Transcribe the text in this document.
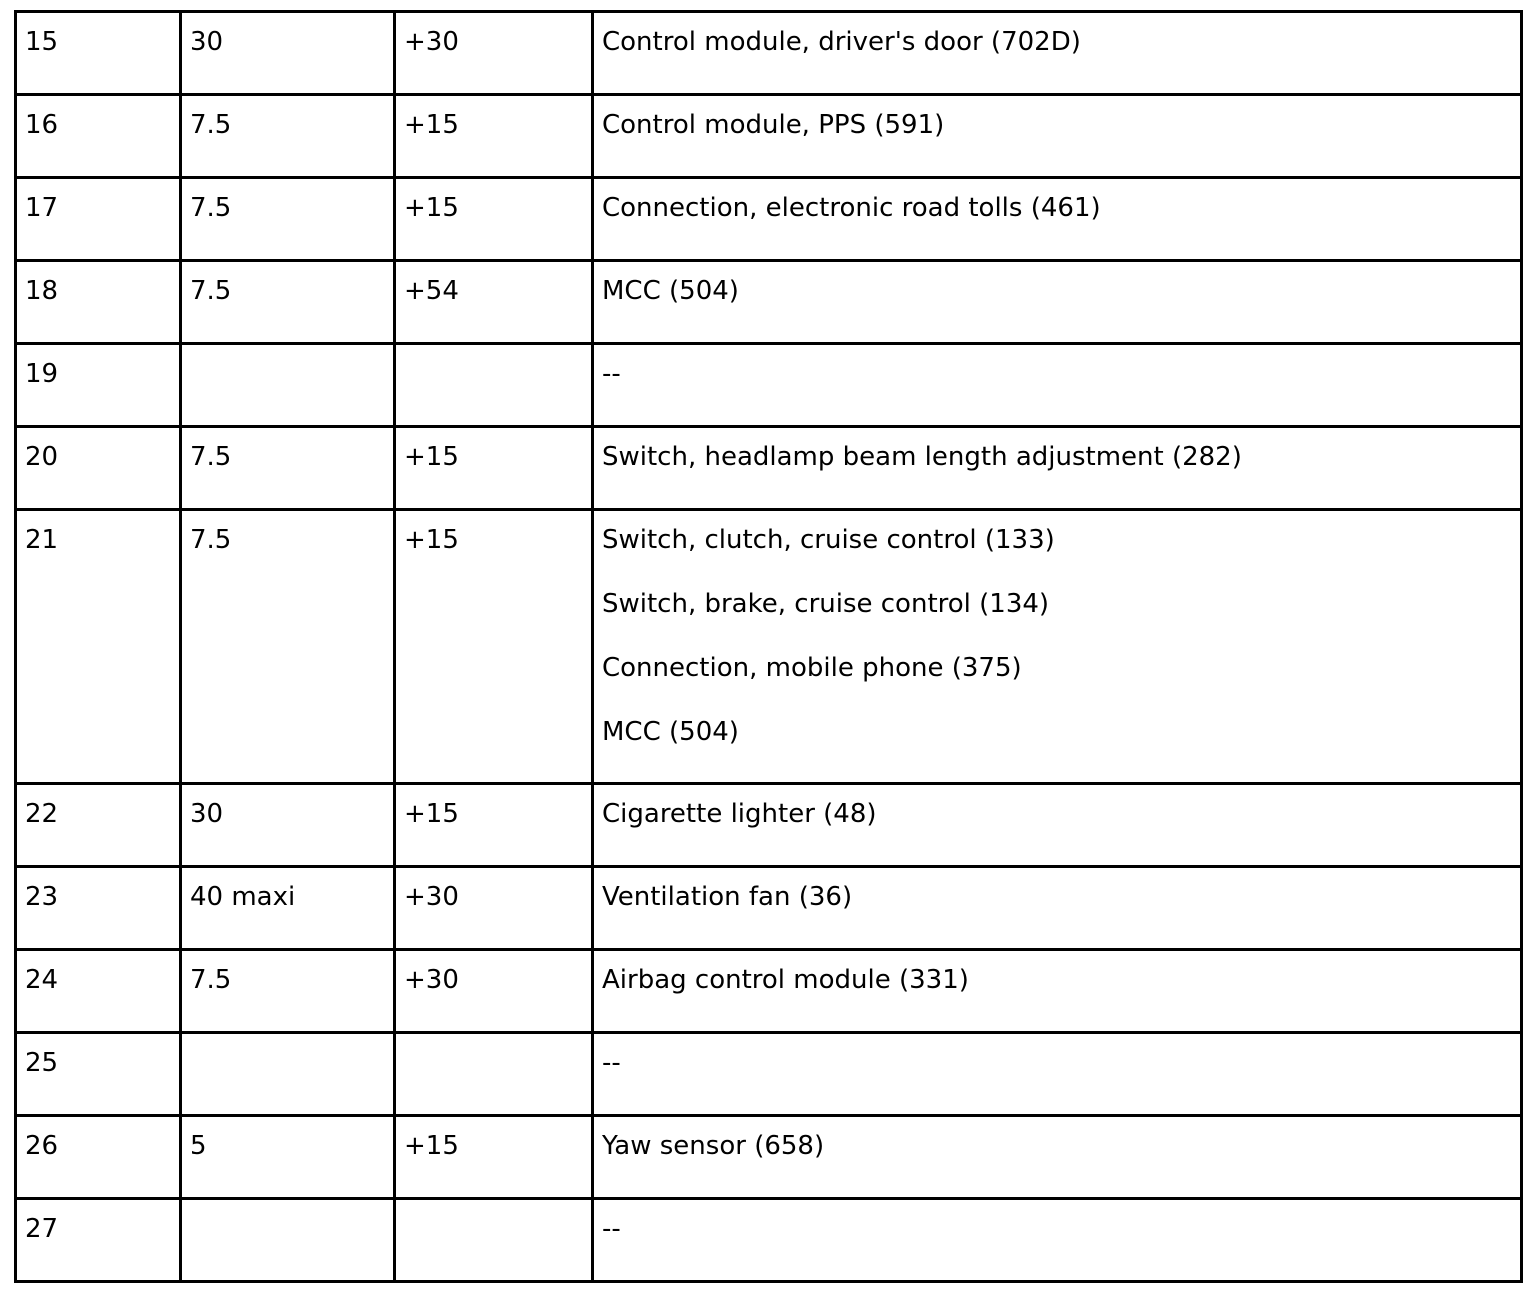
15	30	+30	Control module, driver's door (702D)

16	7.5	+15	Control module, PPS (591)

17	7.5	+15	Connection, electronic road tolls (461)

18	7.5	+54	MCC (504)

19			--

20	7.5	+15	Switch, headlamp beam length adjustment (282)

21	7.5	+15	Switch, clutch, cruise control (133)
Switch, brake, cruise control (134)
Connection, mobile phone (375)
MCC (504)

22	30	+15	Cigarette lighter (48)

23	40 maxi	+30	Ventilation fan (36)

24	7.5	+30	Airbag control module (331)

25			--

26	5	+15	Yaw sensor (658)

27			--
